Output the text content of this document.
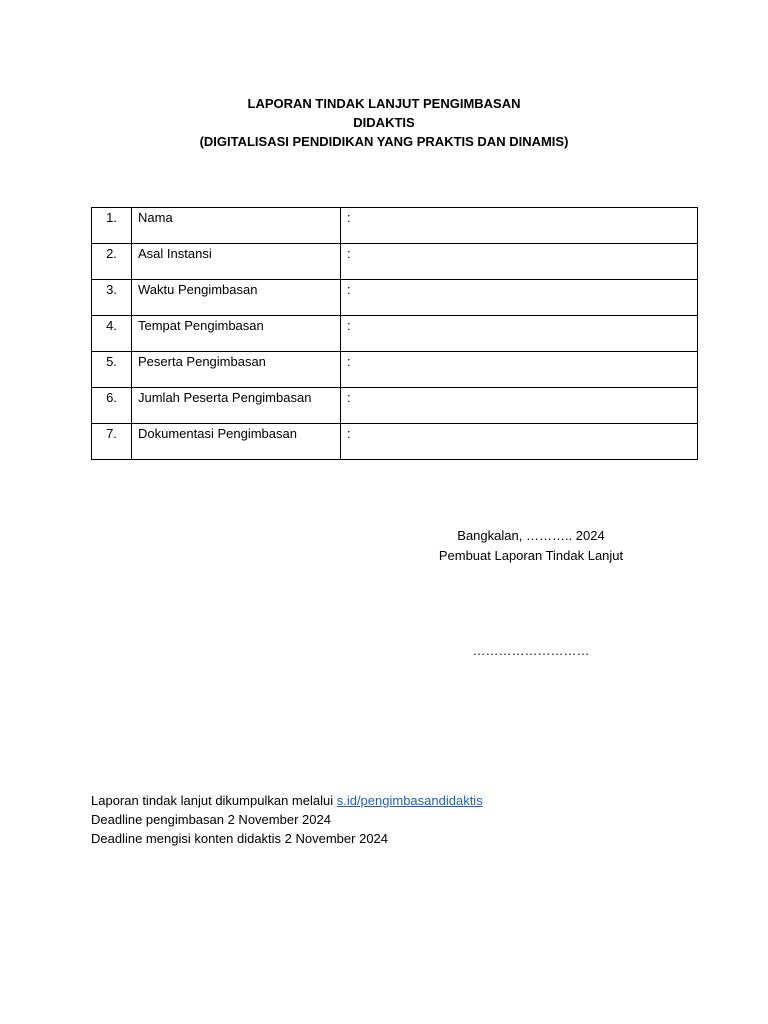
LAPORAN TINDAK LANJUT PENGIMBASAN
DIDAKTIS
(DIGITALISASI PENDIDIKAN YANG PRAKTIS DAN DINAMIS)
1.	Nama	:
2.	Asal Instansi	:
3.	Waktu Pengimbasan	:
4.	Tempat Pengimbasan	:
5.	Peserta Pengimbasan	:
6.	Jumlah Peserta Pengimbasan	:
7.	Dokumentasi Pengimbasan	:
Bangkalan, ……….. 2024
Pembuat Laporan Tindak Lanjut
………………………
Laporan tindak lanjut dikumpulkan melalui s.id/pengimbasandidaktis
Deadline pengimbasan 2 November 2024
Deadline mengisi konten didaktis 2 November 2024
